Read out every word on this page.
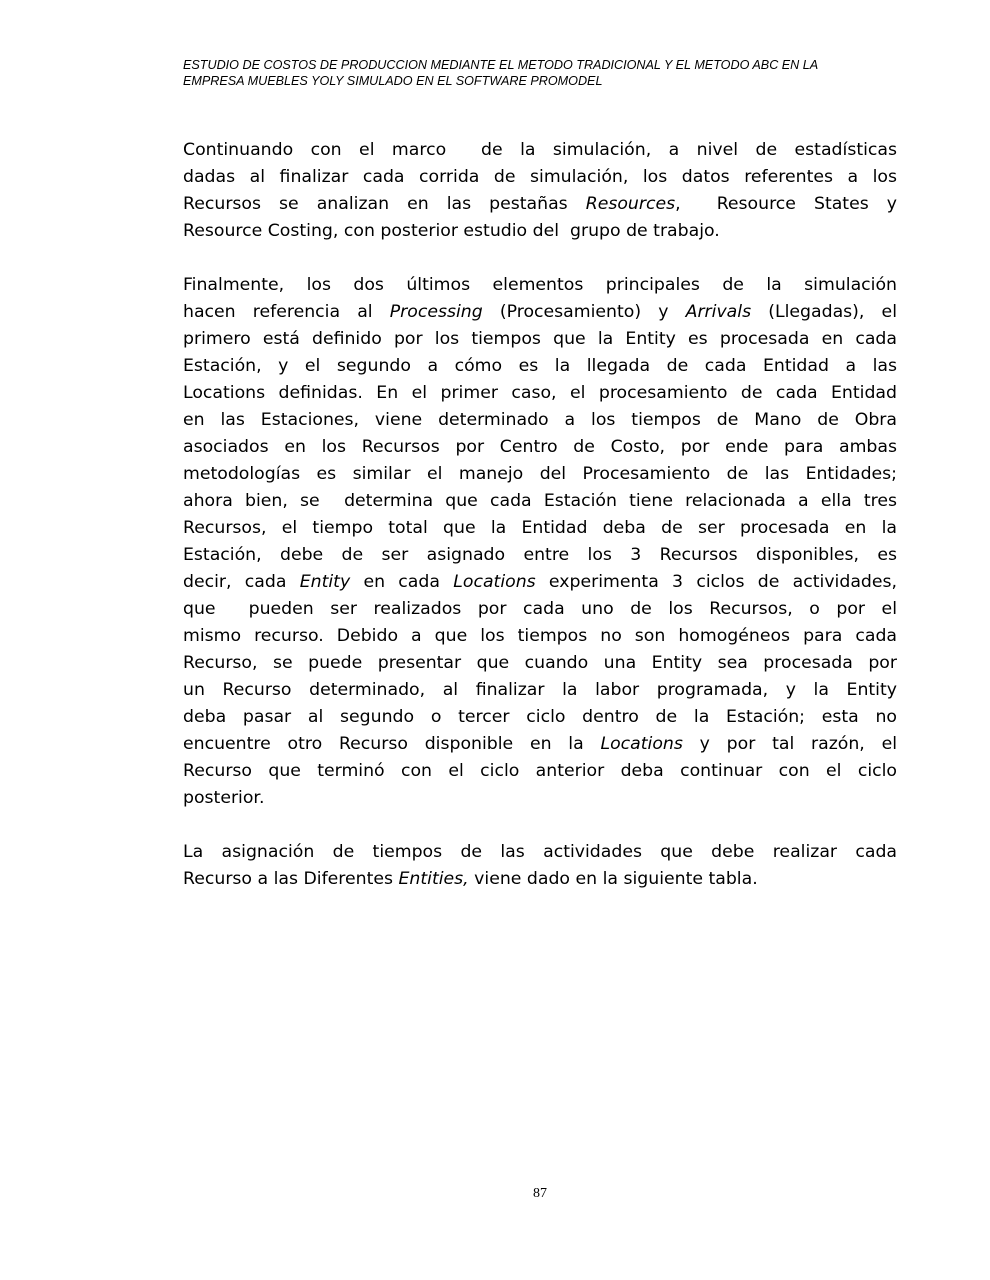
ESTUDIO DE COSTOS DE PRODUCCION MEDIANTE EL METODO TRADICIONAL Y EL METODO ABC EN LA
EMPRESA MUEBLES YOLY SIMULADO EN EL SOFTWARE PROMODEL
Continuando con el marco  de la simulación, a nivel de estadísticas
dadas al finalizar cada corrida de simulación, los datos referentes a los
Recursos se analizan en las pestañas Resources,  Resource States y
Resource Costing, con posterior estudio del  grupo de trabajo.
Finalmente, los dos últimos elementos principales de la simulación
hacen referencia al Processing (Procesamiento) y Arrivals (Llegadas), el
primero está definido por los tiempos que la Entity es procesada en cada
Estación, y el segundo a cómo es la llegada de cada Entidad a las
Locations definidas. En el primer caso, el procesamiento de cada Entidad
en las Estaciones, viene determinado a los tiempos de Mano de Obra
asociados en los Recursos por Centro de Costo, por ende para ambas
metodologías es similar el manejo del Procesamiento de las Entidades;
ahora bien, se  determina que cada Estación tiene relacionada a ella tres
Recursos, el tiempo total que la Entidad deba de ser procesada en la
Estación, debe de ser asignado entre los 3 Recursos disponibles, es
decir, cada Entity en cada Locations experimenta 3 ciclos de actividades,
que  pueden ser realizados por cada uno de los Recursos, o por el
mismo recurso. Debido a que los tiempos no son homogéneos para cada
Recurso, se puede presentar que cuando una Entity sea procesada por
un Recurso determinado, al finalizar la labor programada, y la Entity
deba pasar al segundo o tercer ciclo dentro de la Estación; esta no
encuentre otro Recurso disponible en la Locations y por tal razón, el
Recurso que terminó con el ciclo anterior deba continuar con el ciclo
posterior.
La asignación de tiempos de las actividades que debe realizar cada
Recurso a las Diferentes Entities, viene dado en la siguiente tabla.
87
